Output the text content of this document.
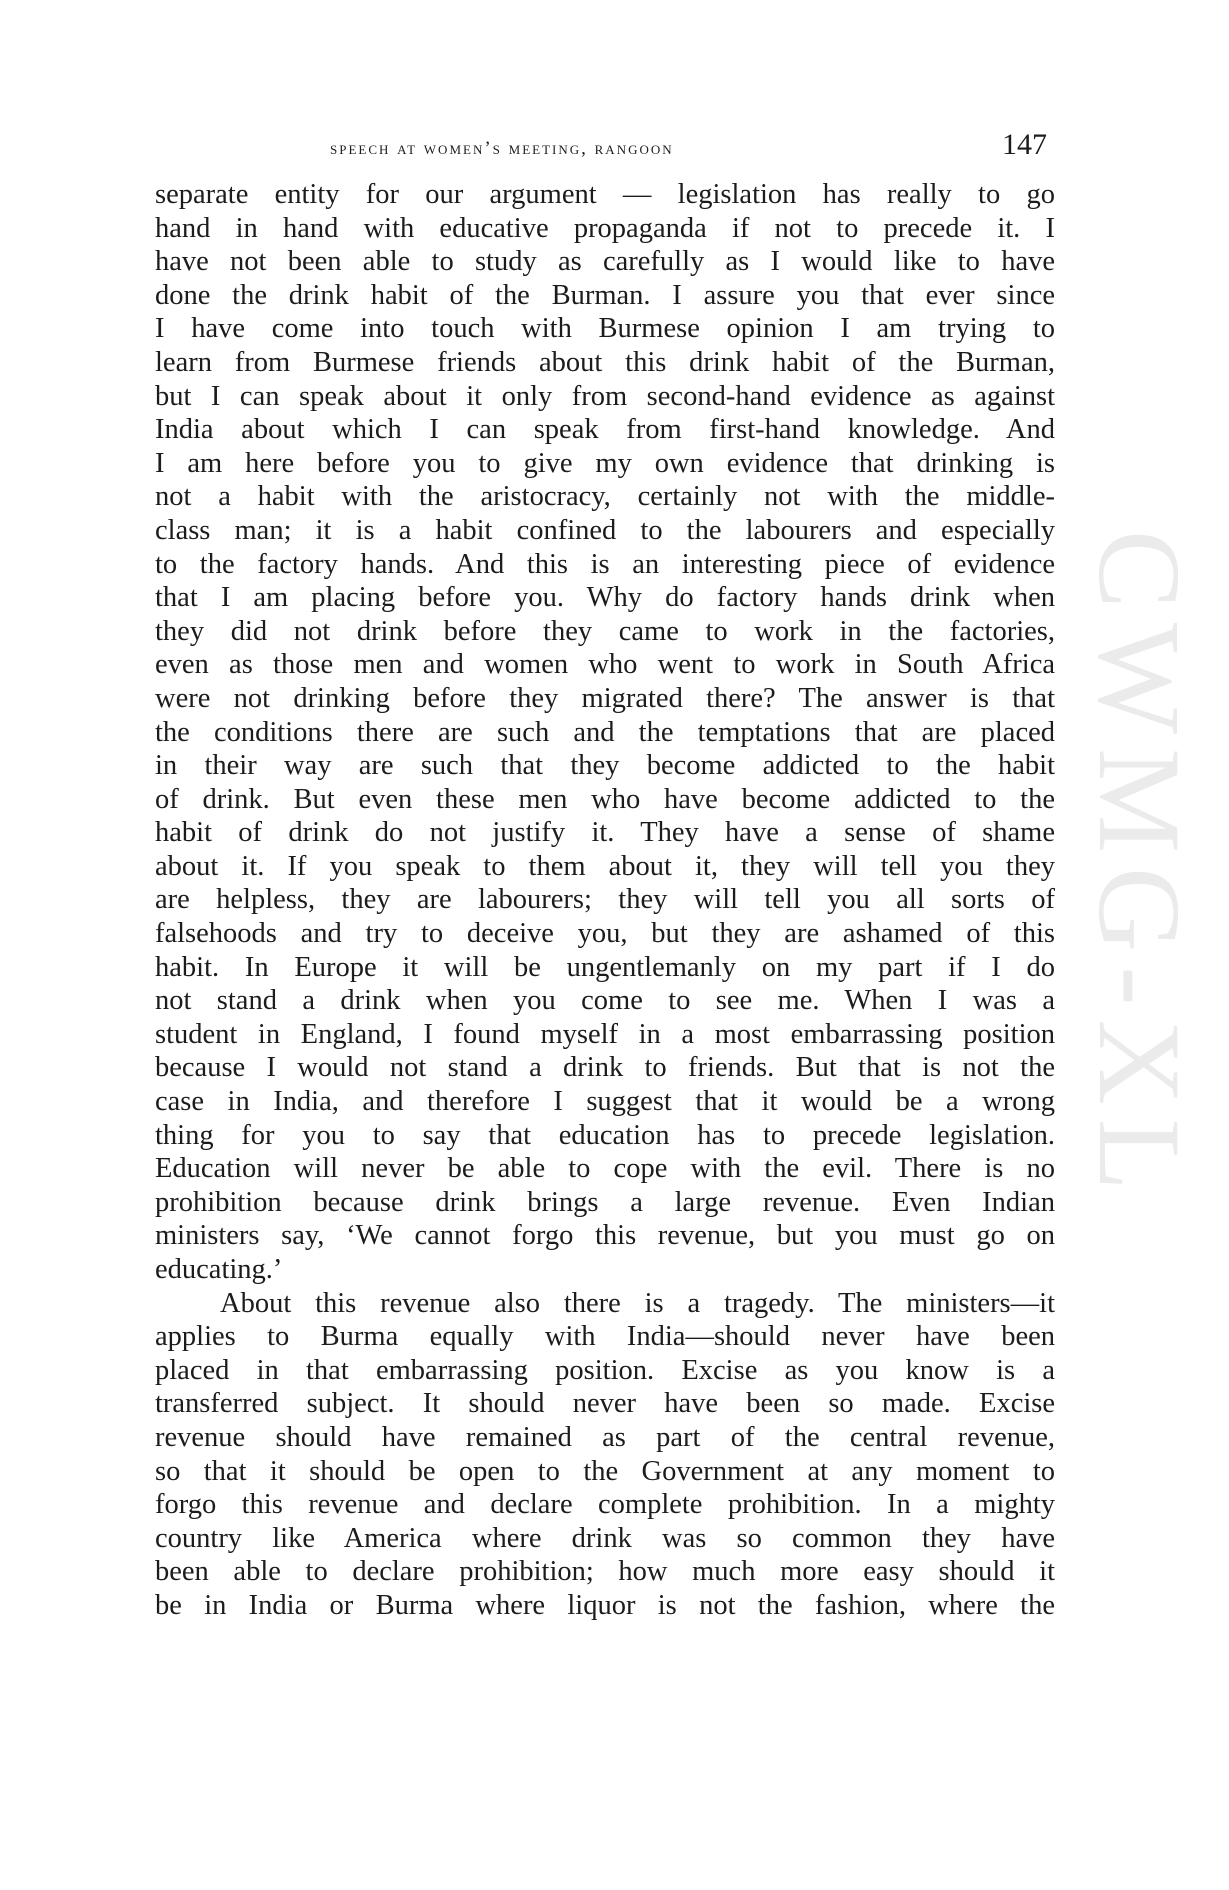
speech at women’s meeting, rangoon	147
CWMG-XL
separate entity for our argument — legislation has really to go
hand in hand with educative propaganda if not to precede it. I
have not been able to study as carefully as I would like to have
done the drink habit of the Burman. I assure you that ever since
I have come into touch with Burmese opinion I am trying to
learn from Burmese friends about this drink habit of the Burman,
but I can speak about it only from second-hand evidence as against
India about which I can speak from first-hand knowledge. And
I am here before you to give my own evidence that drinking is
not a habit with the aristocracy, certainly not with the middle-
class man; it is a habit confined to the labourers and especially
to the factory hands. And this is an interesting piece of evidence
that I am placing before you. Why do factory hands drink when
they did not drink before they came to work in the factories,
even as those men and women who went to work in South Africa
were not drinking before they migrated there? The answer is that
the conditions there are such and the temptations that are placed
in their way are such that they become addicted to the habit
of drink. But even these men who have become addicted to the
habit of drink do not justify it. They have a sense of shame
about it. If you speak to them about it, they will tell you they
are helpless, they are labourers; they will tell you all sorts of
falsehoods and try to deceive you, but they are ashamed of this
habit. In Europe it will be ungentlemanly on my part if I do
not stand a drink when you come to see me. When I was a
student in England, I found myself in a most embarrassing position
because I would not stand a drink to friends. But that is not the
case in India, and therefore I suggest that it would be a wrong
thing for you to say that education has to precede legislation.
Education will never be able to cope with the evil. There is no
prohibition because drink brings a large revenue. Even Indian
ministers say, ‘We cannot forgo this revenue, but you must go on
educating.’
About this revenue also there is a tragedy. The ministers—it
applies to Burma equally with India—should never have been
placed in that embarrassing position. Excise as you know is a
transferred subject. It should never have been so made. Excise
revenue should have remained as part of the central revenue,
so that it should be open to the Government at any moment to
forgo this revenue and declare complete prohibition. In a mighty
country like America where drink was so common they have
been able to declare prohibition; how much more easy should it
be in India or Burma where liquor is not the fashion, where the
